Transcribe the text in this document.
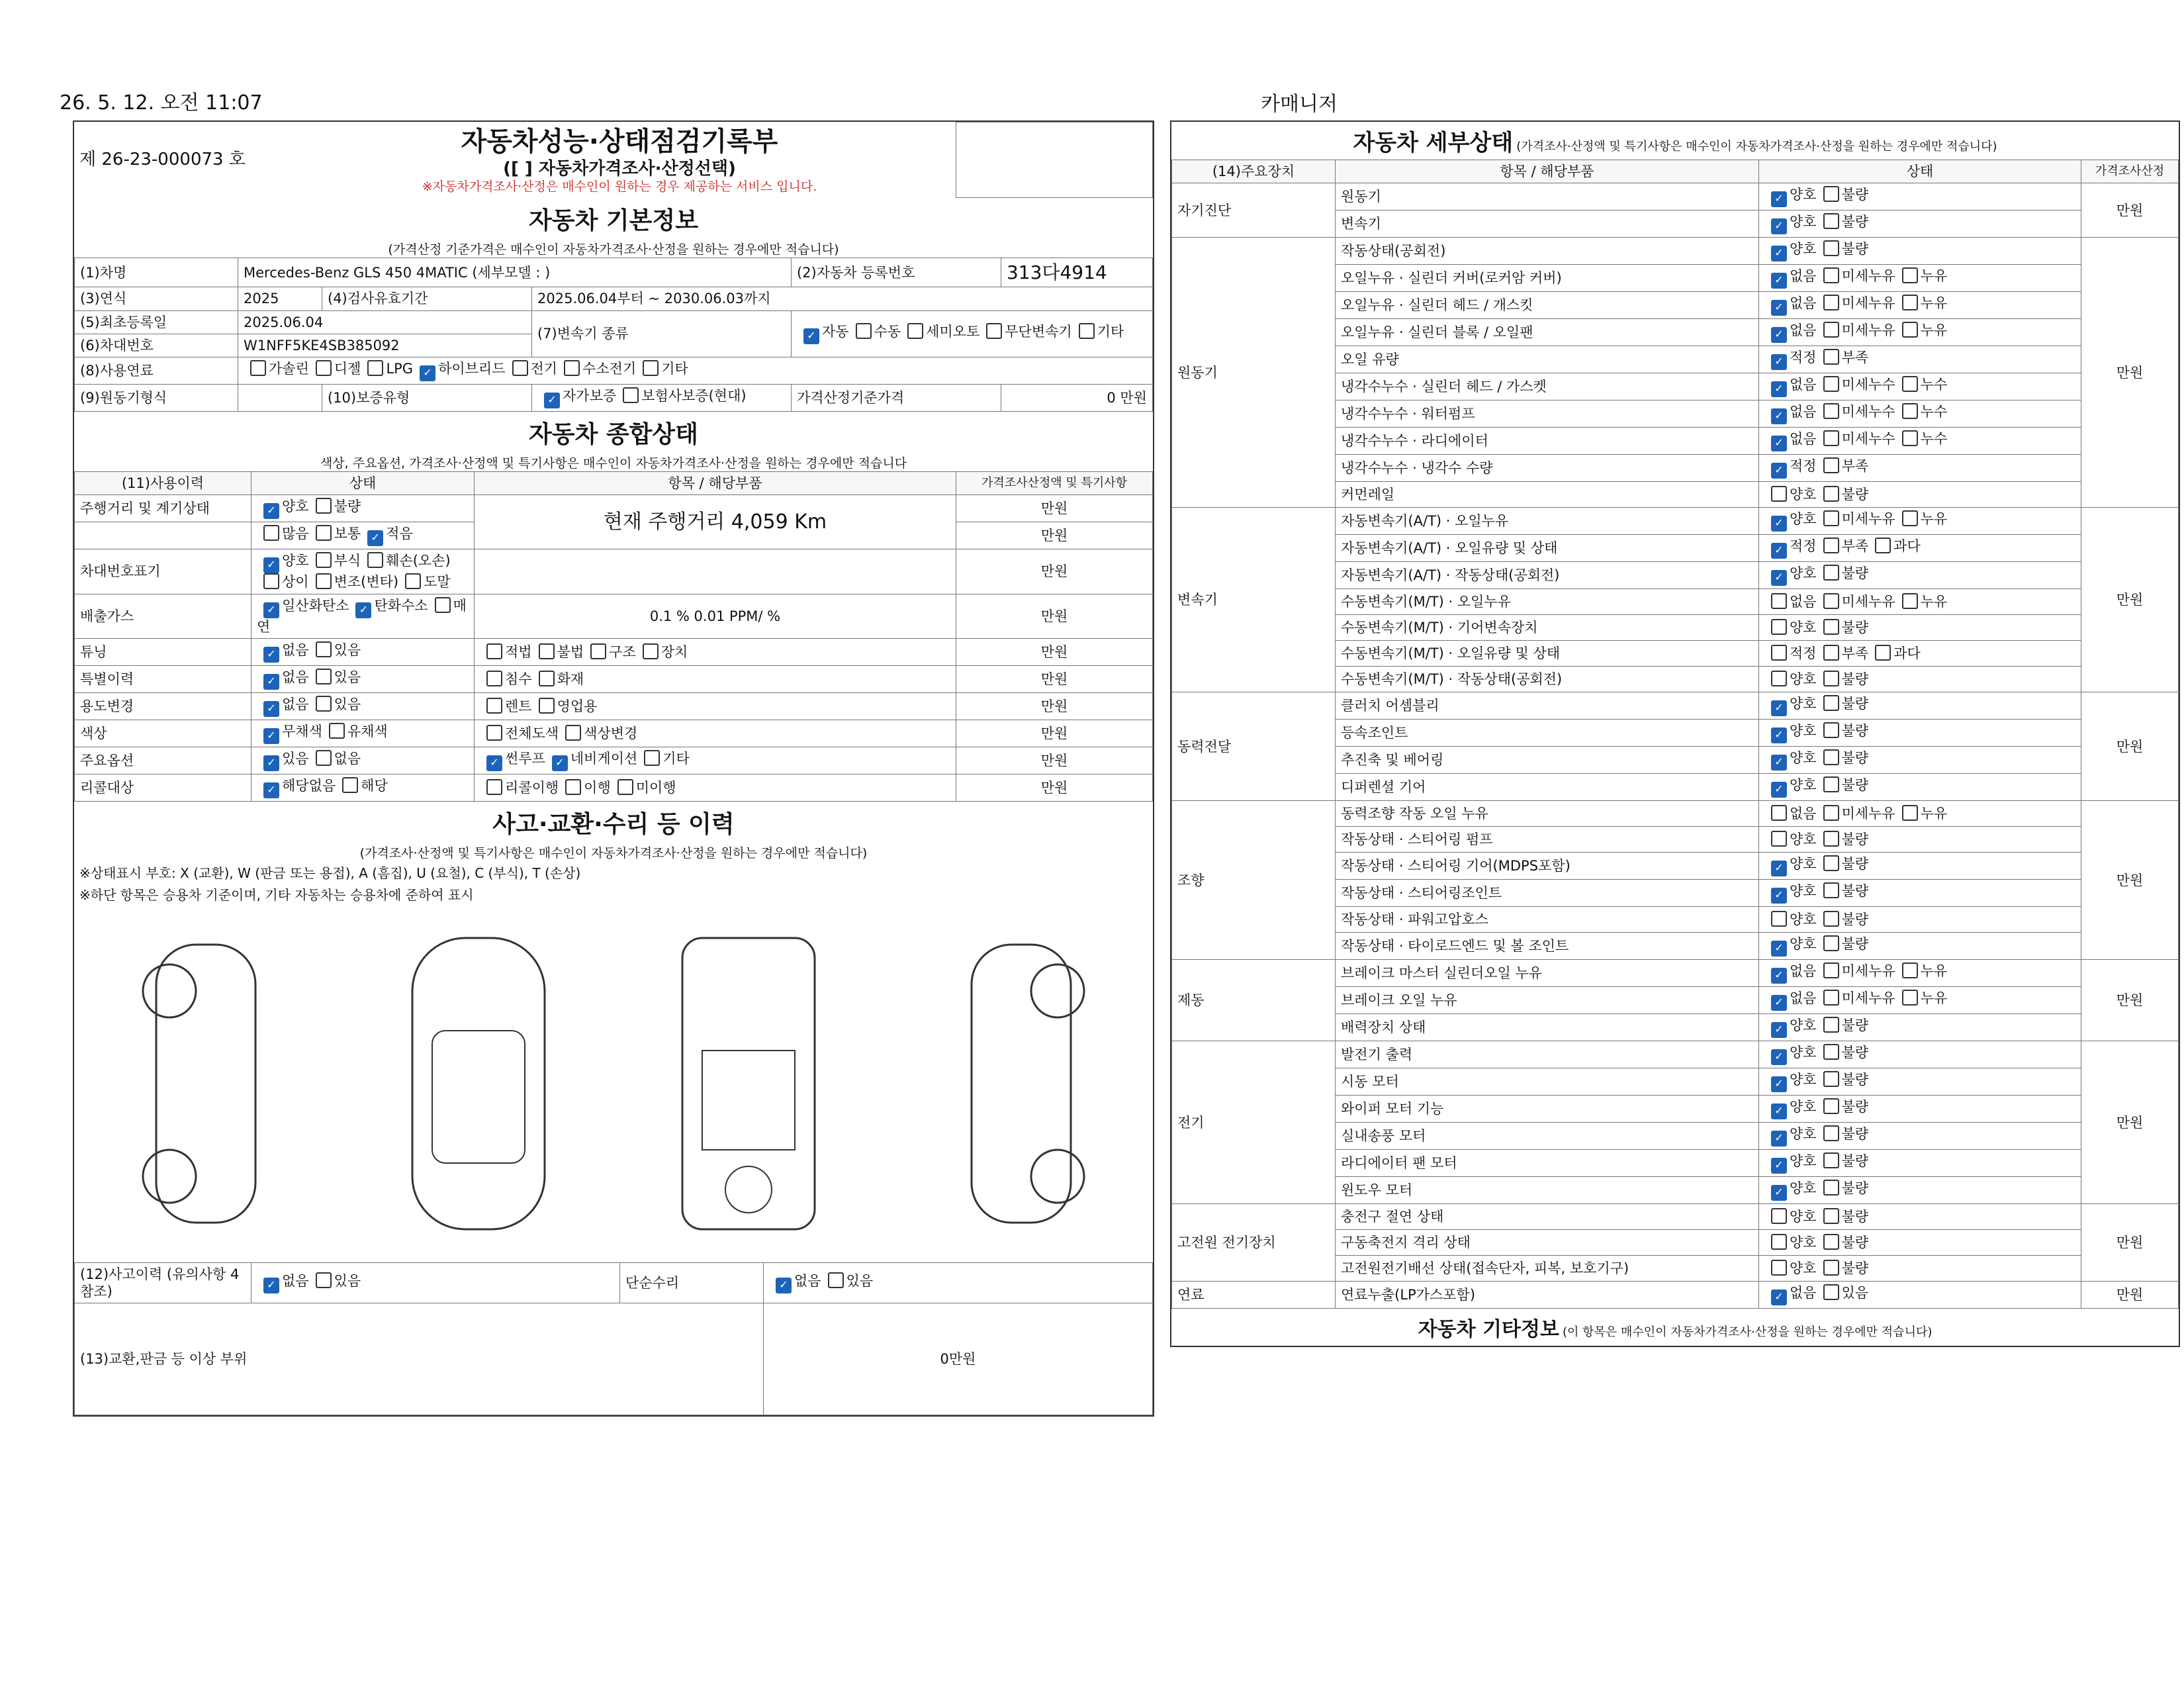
26. 5. 12. 오전 11:07	카매니저
제 26-23-000073 호	
자동차성능·상태점검기록부
([ ] 자동차가격조사·산정선택)
※자동차가격조사·산정은 매수인이 원하는 경우 제공하는 서비스 입니다.

자동차 기본정보
(가격산정 기준가격은 매수인이 자동차가격조사·산정을 원하는 경우에만 적습니다)
(1)차명	Mercedes-Benz GLS 450 4MATIC (세부모델 : )			(2)자동차 등록번호	313다4914
(3)연식	2025	(4)검사유효기간	2025.06.04부터 ~ 2030.06.03까지		
(5)최초등록일	2025.06.04		(7)변속기 종류	✓ 자동 수동 세미오토 무단변속기 기타	
(6)차대번호	W1NFF5KE4SB385092				
(8)사용연료	가솔린 디젤 LPG ✓ 하이브리드 전기 수소전기 기타				
(9)원동기형식		(10)보증유형	✓ 자가보증 보험사보증(현대)	가격산정기준가격	0 만원
자동차 종합상태
색상, 주요옵션, 가격조사·산정액 및 특기사항은 매수인이 자동차가격조사·산정을 원하는 경우에만 적습니다
(11)사용이력	상태	항목 / 해당부품	가격조사산정액 및 특기사항
주행거리 및 계기상태	✓ 양호 불량	현재 주행거리 4,059 Km	만원
	많음 보통 ✓ 적음		만원
차대번호표기	✓ 양호 부식 훼손(오손)상이 변조(변타) 도말		만원
배출가스	✓ 일산화탄소 ✓ 탄화수소 매연	0.1 % 0.01 PPM/ %	만원
튜닝	✓ 없음 있음	적법 불법 구조 장치	만원
특별이력	✓ 없음 있음	침수 화재	만원
용도변경	✓ 없음 있음	렌트 영업용	만원
색상	✓ 무채색 유채색	전체도색 색상변경	만원
주요옵션	✓ 있음 없음	✓ 썬루프 ✓ 네비게이션 기타	만원
리콜대상	✓ 해당없음 해당	리콜이행 이행 미이행	만원
사고·교환·수리 등 이력
(가격조사·산정액 및 특기사항은 매수인이 자동차가격조사·산정을 원하는 경우에만 적습니다)
※상태표시 부호: X (교환), W (판금 또는 용접), A (흠집), U (요철), C (부식), T (손상)
※하단 항목은 승용차 기준이며, 기타 자동차는 승용차에 준하여 표시
(12)사고이력 (유의사항 4 참조)	✓ 없음 있음	단순수리	✓ 없음 있음
(13)교환,판금 등 이상 부위			0만원
자동차 세부상태 (가격조사·산정액 및 특기사항은 매수인이 자동차가격조사·산정을 원하는 경우에만 적습니다)
(14)주요장치	항목 / 해당부품	상태	가격조사산정
자기진단	원동기	✓ 양호 불량	만원
	변속기	✓ 양호 불량	
원동기	작동상태(공회전)	✓ 양호 불량	만원
	오일누유 · 실린더 커버(로커암 커버)	✓ 없음 미세누유 누유	
	오일누유 · 실린더 헤드 / 개스킷	✓ 없음 미세누유 누유	
	오일누유 · 실린더 블록 / 오일팬	✓ 없음 미세누유 누유	
	오일 유량	✓ 적정 부족	
	냉각수누수 · 실린더 헤드 / 가스켓	✓ 없음 미세누수 누수	
	냉각수누수 · 워터펌프	✓ 없음 미세누수 누수	
	냉각수누수 · 라디에이터	✓ 없음 미세누수 누수	
	냉각수누수 · 냉각수 수량	✓ 적정 부족	
	커먼레일	양호 불량	
변속기	자동변속기(A/T) · 오일누유	✓ 양호 미세누유 누유	만원
	자동변속기(A/T) · 오일유량 및 상태	✓ 적정 부족 과다	
	자동변속기(A/T) · 작동상태(공회전)	✓ 양호 불량	
	수동변속기(M/T) · 오일누유	없음 미세누유 누유	
	수동변속기(M/T) · 기어변속장치	양호 불량	
	수동변속기(M/T) · 오일유량 및 상태	적정 부족 과다	
	수동변속기(M/T) · 작동상태(공회전)	양호 불량	
동력전달	클러치 어셈블리	✓ 양호 불량	만원
	등속조인트	✓ 양호 불량	
	추진축 및 베어링	✓ 양호 불량	
	디퍼렌셜 기어	✓ 양호 불량	
조향	동력조향 작동 오일 누유	없음 미세누유 누유	만원
	작동상태 · 스티어링 펌프	양호 불량	
	작동상태 · 스티어링 기어(MDPS포함)	✓ 양호 불량	
	작동상태 · 스티어링조인트	✓ 양호 불량	
	작동상태 · 파워고압호스	양호 불량	
	작동상태 · 타이로드엔드 및 볼 조인트	✓ 양호 불량	
제동	브레이크 마스터 실린더오일 누유	✓ 없음 미세누유 누유	만원
	브레이크 오일 누유	✓ 없음 미세누유 누유	
	배력장치 상태	✓ 양호 불량	
전기	발전기 출력	✓ 양호 불량	만원
	시동 모터	✓ 양호 불량	
	와이퍼 모터 기능	✓ 양호 불량	
	실내송풍 모터	✓ 양호 불량	
	라디에이터 팬 모터	✓ 양호 불량	
	윈도우 모터	✓ 양호 불량	
고전원 전기장치	충전구 절연 상태	양호 불량	만원
	구동축전지 격리 상태	양호 불량	
	고전원전기배선 상태(접속단자, 피복, 보호기구)	양호 불량	
연료	연료누출(LP가스포함)	✓ 없음 있음	만원
자동차 기타정보 (이 항목은 매수인이 자동차가격조사·산정을 원하는 경우에만 적습니다)
